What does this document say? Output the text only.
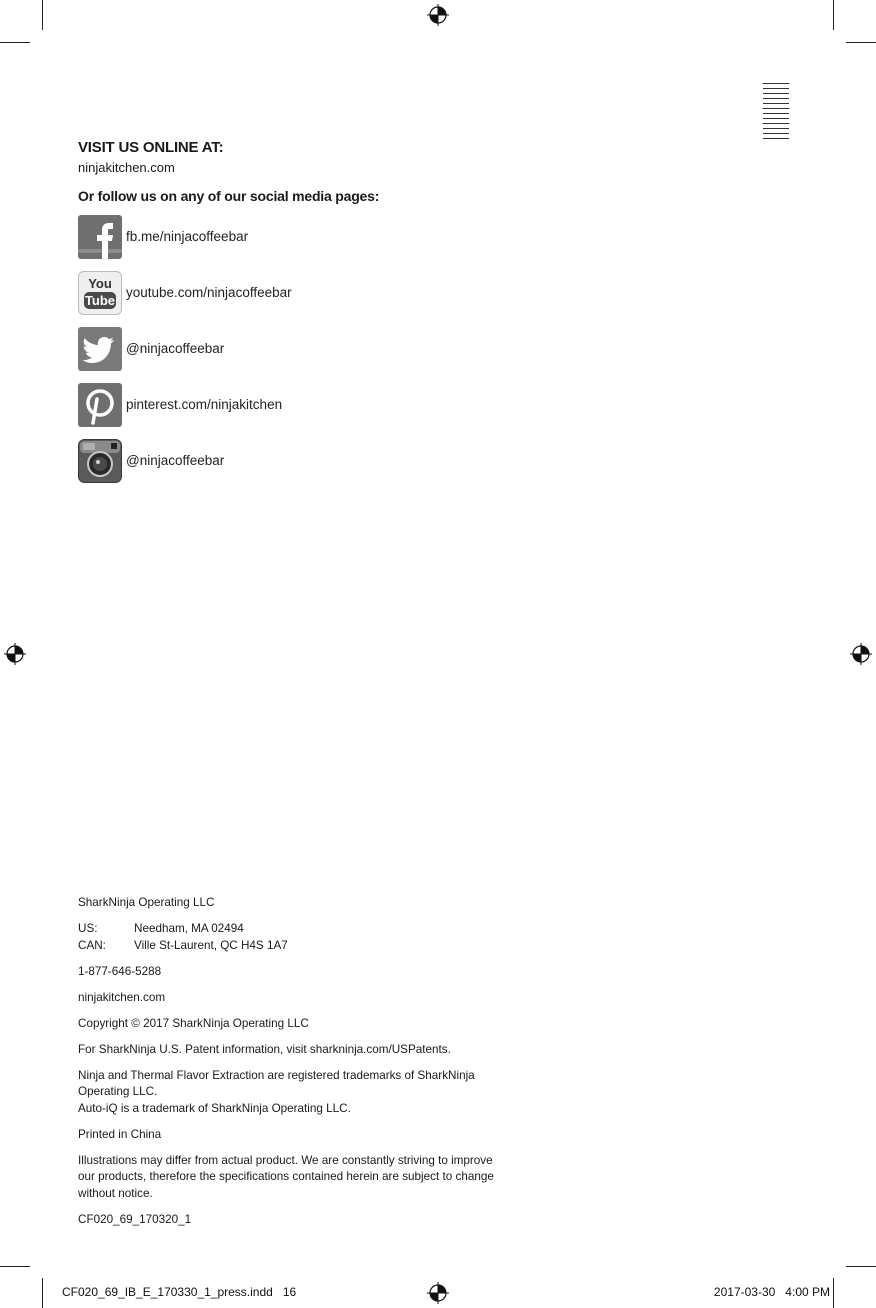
VISIT US ONLINE AT:
ninjakitchen.com
Or follow us on any of our social media pages:
fb.me/ninjacoffeebar
You
Tube youtube.com/ninjacoffeebar
@ninjacoffeebar
pinterest.com/ninjakitchen
@ninjacoffeebar

SharkNinja Operating LLC

US:	Needham, MA 02494
CAN:	Ville St-Laurent, QC H4S 1A7

1-877-646-5288

ninjakitchen.com

Copyright © 2017 SharkNinja Operating LLC

For SharkNinja U.S. Patent information, visit sharkninja.com/USPatents.

Ninja and Thermal Flavor Extraction are registered trademarks of SharkNinja Operating LLC.

Auto-iQ is a trademark of SharkNinja Operating LLC.

Printed in China

Illustrations may differ from actual product. We are constantly striving to improve our products, therefore the specifications contained herein are subject to change without notice.

CF020_69_170320_1

CF020_69_IB_E_170330_1_press.indd   16	2017-03-30   4:00 PM
